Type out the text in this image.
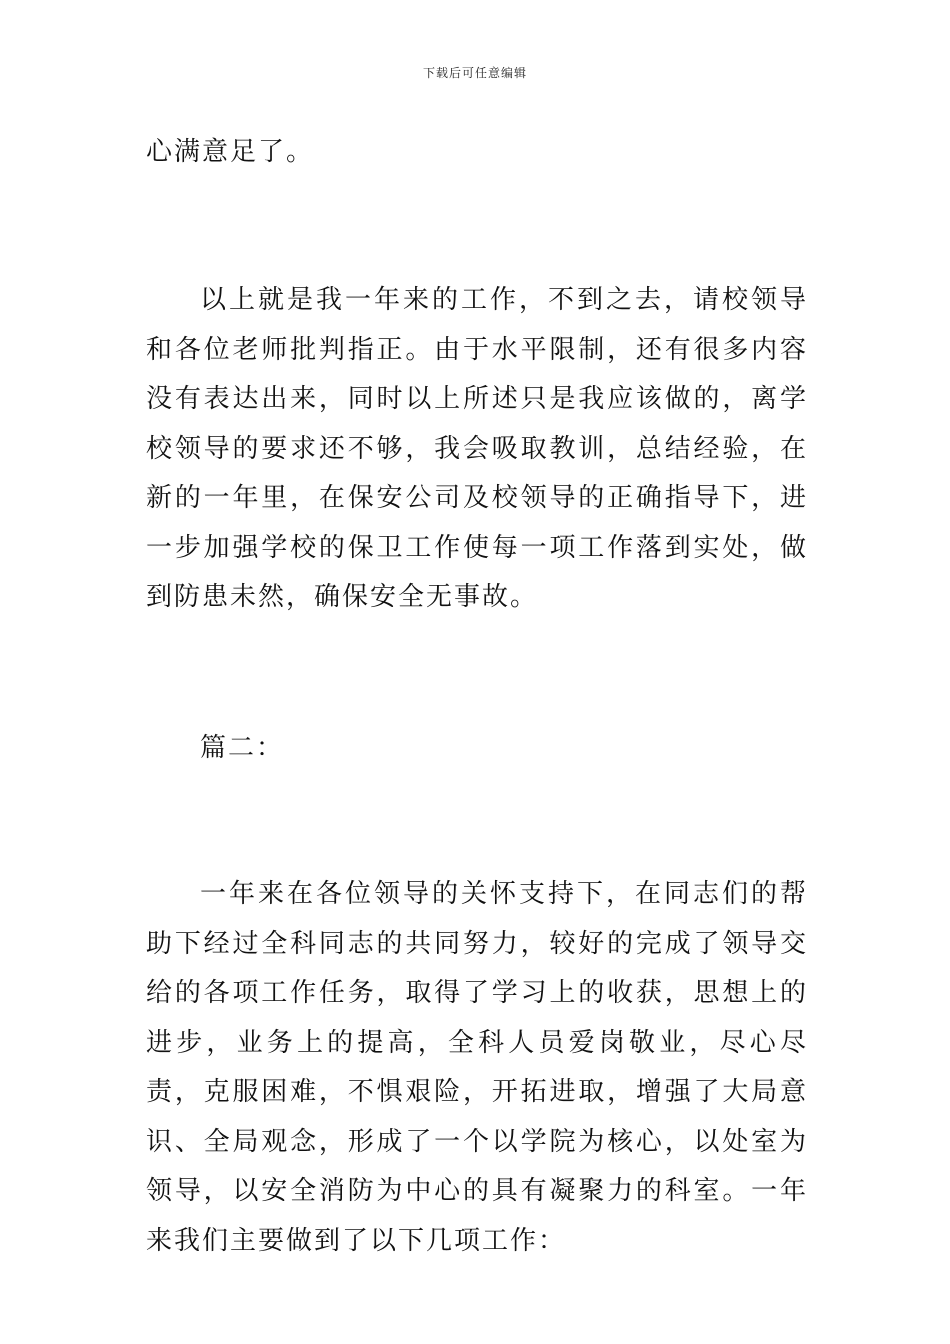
下载后可任意编辑

心满意足了。

以上就是我一年来的工作，不到之去，请校领导和各位老师批判指正。由于水平限制，还有很多内容没有表达出来，同时以上所述只是我应该做的，离学校领导的要求还不够，我会吸取教训，总结经验，在新的一年里，在保安公司及校领导的正确指导下，进一步加强学校的保卫工作使每一项工作落到实处，做到防患未然，确保安全无事故。

篇二：

一年来在各位领导的关怀支持下，在同志们的帮助下经过全科同志的共同努力，较好的完成了领导交给的各项工作任务，取得了学习上的收获，思想上的进步，业务上的提高，全科人员爱岗敬业，尽心尽责，克服困难，不惧艰险，开拓进取，增强了大局意识、全局观念，形成了一个以学院为核心，以处室为领导，以安全消防为中心的具有凝聚力的科室。一年来我们主要做到了以下几项工作：
